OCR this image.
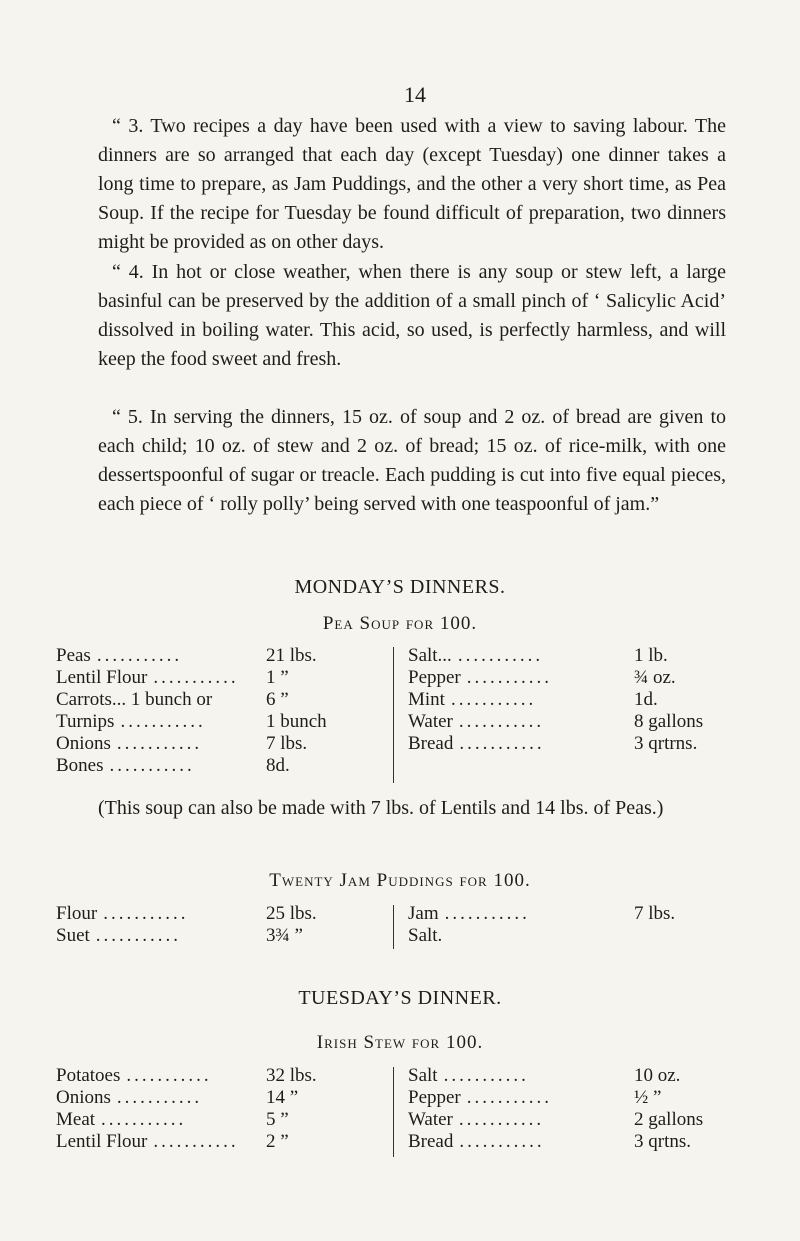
14
“ 3. Two recipes a day have been used with a view to saving labour. The dinners are so arranged that each day (except Tuesday) one dinner takes a long time to prepare, as Jam Puddings, and the other a very short time, as Pea Soup. If the recipe for Tuesday be found difficult of preparation, two dinners might be provided as on other days.
“ 4. In hot or close weather, when there is any soup or stew left, a large basinful can be preserved by the addition of a small pinch of ‘ Salicylic Acid’ dissolved in boiling water. This acid, so used, is perfectly harmless, and will keep the food sweet and fresh.
“ 5. In serving the dinners, 15 oz. of soup and 2 oz. of bread are given to each child; 10 oz. of stew and 2 oz. of bread; 15 oz. of rice-milk, with one dessertspoonful of sugar or treacle. Each pudding is cut into five equal pieces, each piece of ‘ rolly polly’ being served with one teaspoonful of jam.”
MONDAY’S DINNERS.
Pea Soup for 100.
Peas ...........	21 lbs.
Lentil Flour ...........	1 ”
Carrots... 1 bunch or	6 ”
Turnips ...........	1 bunch
Onions ...........	7 lbs.
Bones ...........	8d.
Salt... ...........	1 lb.
Pepper ...........	¾ oz.
Mint ...........	1d.
Water ...........	8 gallons
Bread ...........	3 qrtrns.
(This soup can also be made with 7 lbs. of Lentils and 14 lbs. of Peas.)
Twenty Jam Puddings for 100.
Flour ...........	25 lbs.
Suet ...........	3¾ ”
Jam ...........	7 lbs.
Salt.
TUESDAY’S DINNER.
Irish Stew for 100.
Potatoes ...........	32 lbs.
Onions ...........	14 ”
Meat ...........	5 ”
Lentil Flour ...........	2 ”
Salt ...........	10 oz.
Pepper ...........	½ ”
Water ...........	2 gallons
Bread ...........	3 qrtns.
